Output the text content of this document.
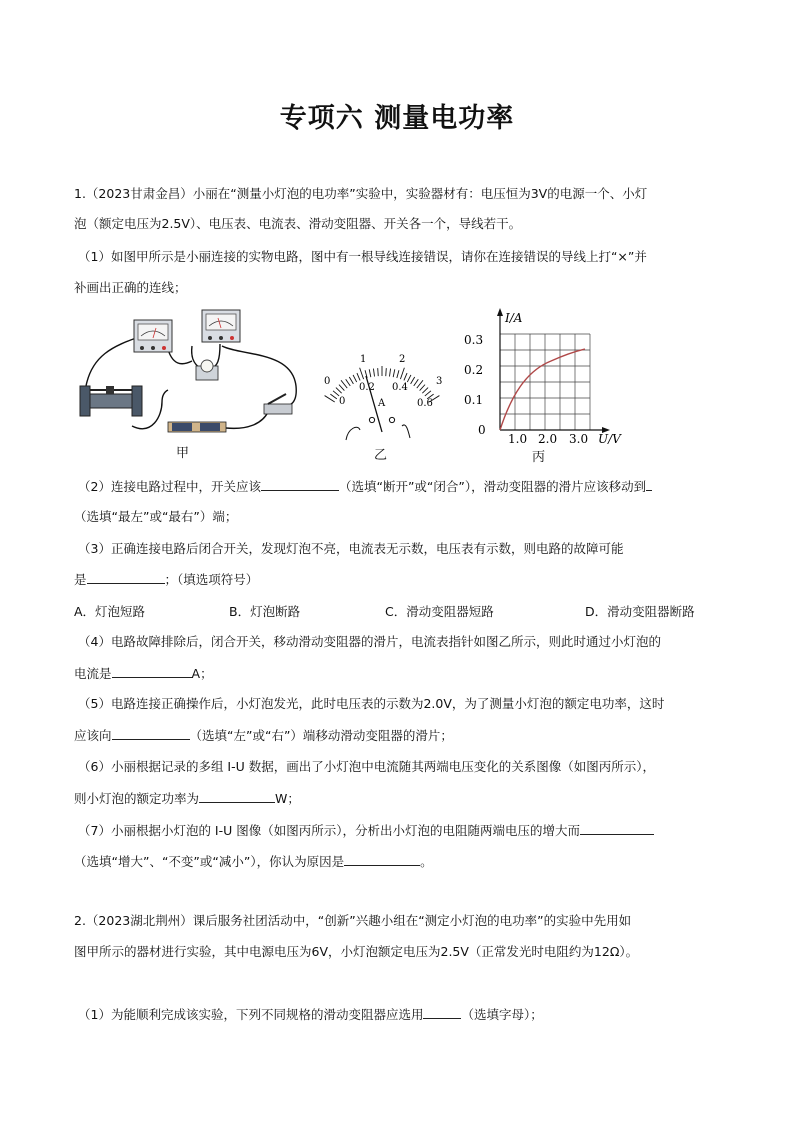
专项六 测量电功率
1.（2023甘肃金昌）小丽在“测量小灯泡的电功率”实验中，实验器材有：电压恒为3V的电源一个、小灯
泡（额定电压为2.5V）、电压表、电流表、滑动变阻器、开关各一个，导线若干。
（1）如图甲所示是小丽连接的实物电路，图中有一根导线连接错误，请你在连接错误的导线上打“×”并
补画出正确的连线；
甲
0
1	2
3
0
0.2 0.4
0.6
A
乙
I/A
0.3
0.2
0.1
0
1.0 2.0 3.0 U/V
丙
（2）连接电路过程中，开关应该	（选填“断开”或“闭合”），滑动变阻器的滑片应该移动到
（选填“最左”或“最右”）端；
（3）正确连接电路后闭合开关，发现灯泡不亮，电流表无示数，电压表有示数，则电路的故障可能
是	；（填选项符号）
A．灯泡短路	B．灯泡断路	C．滑动变阻器短路	D．滑动变阻器断路
（4）电路故障排除后，闭合开关，移动滑动变阻器的滑片，电流表指针如图乙所示，则此时通过小灯泡的
电流是	A；
（5）电路连接正确操作后，小灯泡发光，此时电压表的示数为2.0V，为了测量小灯泡的额定电功率，这时
应该向	（选填“左”或“右”）端移动滑动变阻器的滑片；
（6）小丽根据记录的多组 I-U 数据，画出了小灯泡中电流随其两端电压变化的关系图像（如图丙所示），
则小灯泡的额定功率为	W；
（7）小丽根据小灯泡的 I-U 图像（如图丙所示），分析出小灯泡的电阻随两端电压的增大而
（选填“增大”、“不变”或“减小”），你认为原因是	。
2.（2023湖北荆州）课后服务社团活动中，“创新”兴趣小组在“测定小灯泡的电功率”的实验中先用如
图甲所示的器材进行实验，其中电源电压为6V，小灯泡额定电压为2.5V（正常发光时电阻约为12Ω）。
（1）为能顺利完成该实验，下列不同规格的滑动变阻器应选用	（选填字母）；
